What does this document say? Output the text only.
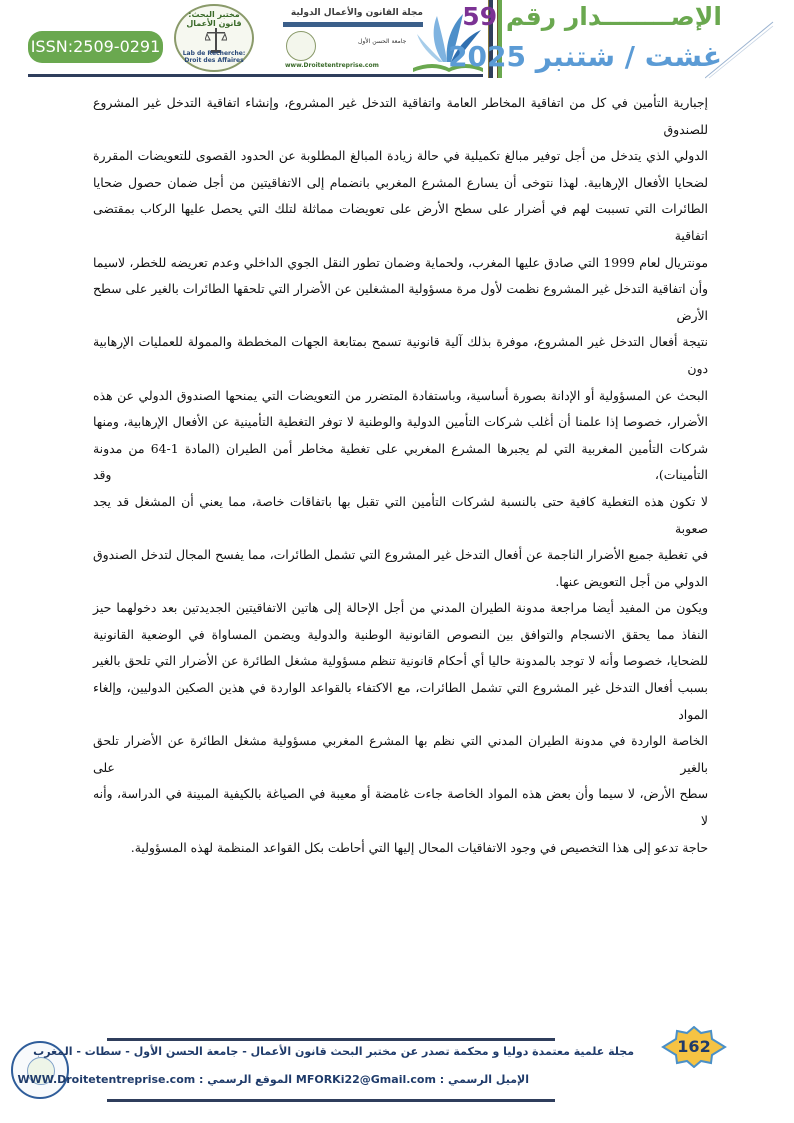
ISSN:2509-0291
مختبر البحث: قانون الأعمال
Lab de Recherche: Droit des Affaires
مجلة القانون والأعمال الدولية
جامعة الحسن الأول
www.Droitetentreprise.com
الإصــــــــدار رقم 59
غشت / شتنبر 2025

إجبارية التأمين في كل من اتفاقية المخاطر العامة واتفاقية التدخل غير المشروع، وإنشاء اتفاقية التدخل غير المشروع للصندوق
الدولي الذي يتدخل من أجل توفير مبالغ تكميلية في حالة زيادة المبالغ المطلوبة عن الحدود القصوى للتعويضات المقررة
لضحايا الأفعال الإرهابية. لهذا نتوخى أن يسارع المشرع المغربي بانضمام إلى الاتفاقيتين من أجل ضمان حصول ضحايا
الطائرات التي تسببت لهم في أضرار على سطح الأرض على تعويضات مماثلة لتلك التي يحصل عليها الركاب بمقتضى اتفاقية
مونتريال لعام 1999 التي صادق عليها المغرب، ولحماية وضمان تطور النقل الجوي الداخلي وعدم تعريضه للخطر، لاسيما
وأن اتفاقية التدخل غير المشروع نظمت لأول مرة مسؤولية المشغلين عن الأضرار التي تلحقها الطائرات بالغير على سطح الأرض
نتيجة أفعال التدخل غير المشروع، موفرة بذلك آلية قانونية تسمح بمتابعة الجهات المخططة والممولة للعمليات الإرهابية دون
البحث عن المسؤولية أو الإدانة بصورة أساسية، وباستفادة المتضرر من التعويضات التي يمنحها الصندوق الدولي عن هذه
الأضرار، خصوصا إذا علمنا أن أغلب شركات التأمين الدولية والوطنية لا توفر التغطية التأمينية عن الأفعال الإرهابية، ومنها
شركات التأمين المغربية التي لم يجبرها المشرع المغربي على تغطية مخاطر أمن الطيران (المادة 1-64 من مدونة التأمينات)، وقد
لا تكون هذه التغطية كافية حتى بالنسبة لشركات التأمين التي تقبل بها باتفاقات خاصة، مما يعني أن المشغل قد يجد صعوبة
في تغطية جميع الأضرار الناجمة عن أفعال التدخل غير المشروع التي تشمل الطائرات، مما يفسح المجال لتدخل الصندوق
الدولي من أجل التعويض عنها.

ويكون من المفيد أيضا مراجعة مدونة الطيران المدني من أجل الإحالة إلى هاتين الاتفاقيتين الجديدتين بعد دخولهما حيز
النفاذ مما يحقق الانسجام والتوافق بين النصوص القانونية الوطنية والدولية ويضمن المساواة في الوضعية القانونية
للضحايا، خصوصا وأنه لا توجد بالمدونة حاليا أي أحكام قانونية تنظم مسؤولية مشغل الطائرة عن الأضرار التي تلحق بالغير
بسبب أفعال التدخل غير المشروع التي تشمل الطائرات، مع الاكتفاء بالقواعد الواردة في هذين الصكين الدوليين، وإلغاء المواد
الخاصة الواردة في مدونة الطيران المدني التي نظم بها المشرع المغربي مسؤولية مشغل الطائرة عن الأضرار تلحق بالغير على
سطح الأرض، لا سيما وأن بعض هذه المواد الخاصة جاءت غامضة أو معيبة في الصياغة بالكيفية المبينة في الدراسة، وأنه لا
حاجة تدعو إلى هذا التخصيص في وجود الاتفاقيات المحال إليها التي أحاطت بكل القواعد المنظمة لهذه المسؤولية.

مجلة علمية معتمدة دوليا و محكمة تصدر عن مختبر البحث قانون الأعمال - جامعة الحسن الأول - سطات - المغرب
الإميل الرسمي : MFORKi22@Gmail.com الموقع الرسمي : WWW.Droitetentreprise.com
162
